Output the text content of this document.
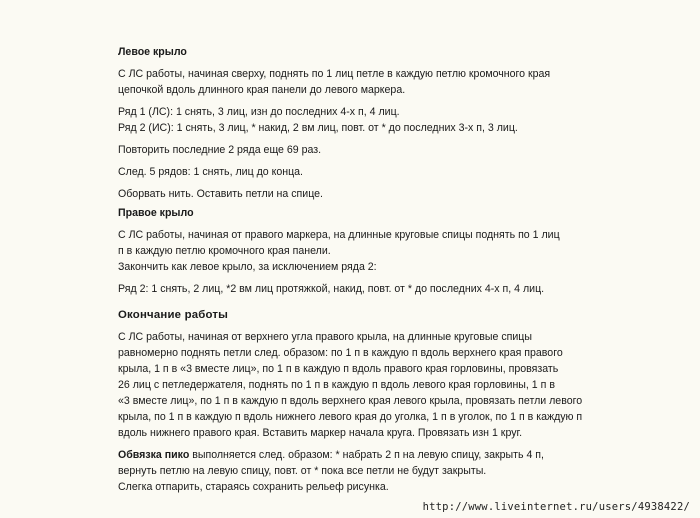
Левое крыло

С ЛС работы, начиная сверху, поднять по 1 лиц петле в каждую петлю кромочного края

цепочкой вдоль длинного края панели до левого маркера.

Ряд 1 (ЛС): 1 снять, 3 лиц, изн до последних 4-х п, 4 лиц.

Ряд 2 (ИС): 1 снять, 3 лиц, * накид, 2 вм лиц, повт. от * до последних 3-х п, 3 лиц.

Повторить последние 2 ряда еще 69 раз.

След. 5 рядов: 1 снять, лиц до конца.

Оборвать нить. Оставить петли на спице.

Правое крыло

С ЛС работы, начиная от правого маркера, на длинные круговые спицы поднять по 1 лиц

п в каждую петлю кромочного края панели.

Закончить как левое крыло, за исключением ряда 2:

Ряд 2: 1 снять, 2 лиц, *2 вм лиц протяжкой, накид, повт. от * до последних 4-х п, 4 лиц.

Окончание работы

С ЛС работы, начиная от верхнего угла правого крыла, на длинные круговые спицы

равномерно поднять петли след. образом: по 1 п в каждую п вдоль верхнего края правого

крыла, 1 п в «3 вместе лиц», по 1 п в каждую п вдоль правого края горловины, провязать

26 лиц с петледержателя, поднять по 1 п в каждую п вдоль левого края горловины, 1 п в

«3 вместе лиц», по 1 п в каждую п вдоль верхнего края левого крыла, провязать петли левого

крыла, по 1 п в каждую п вдоль нижнего левого края до уголка, 1 п в уголок, по 1 п в каждую п

вдоль нижнего правого края. Вставить маркер начала круга. Провязать изн 1 круг.

Обвязка пико выполняется след. образом: * набрать 2 п на левую спицу, закрыть 4 п,

вернуть петлю на левую спицу, повт. от * пока все петли не будут закрыты.

Слегка отпарить, стараясь сохранить рельеф рисунка.

http://www.liveinternet.ru/users/4938422/
